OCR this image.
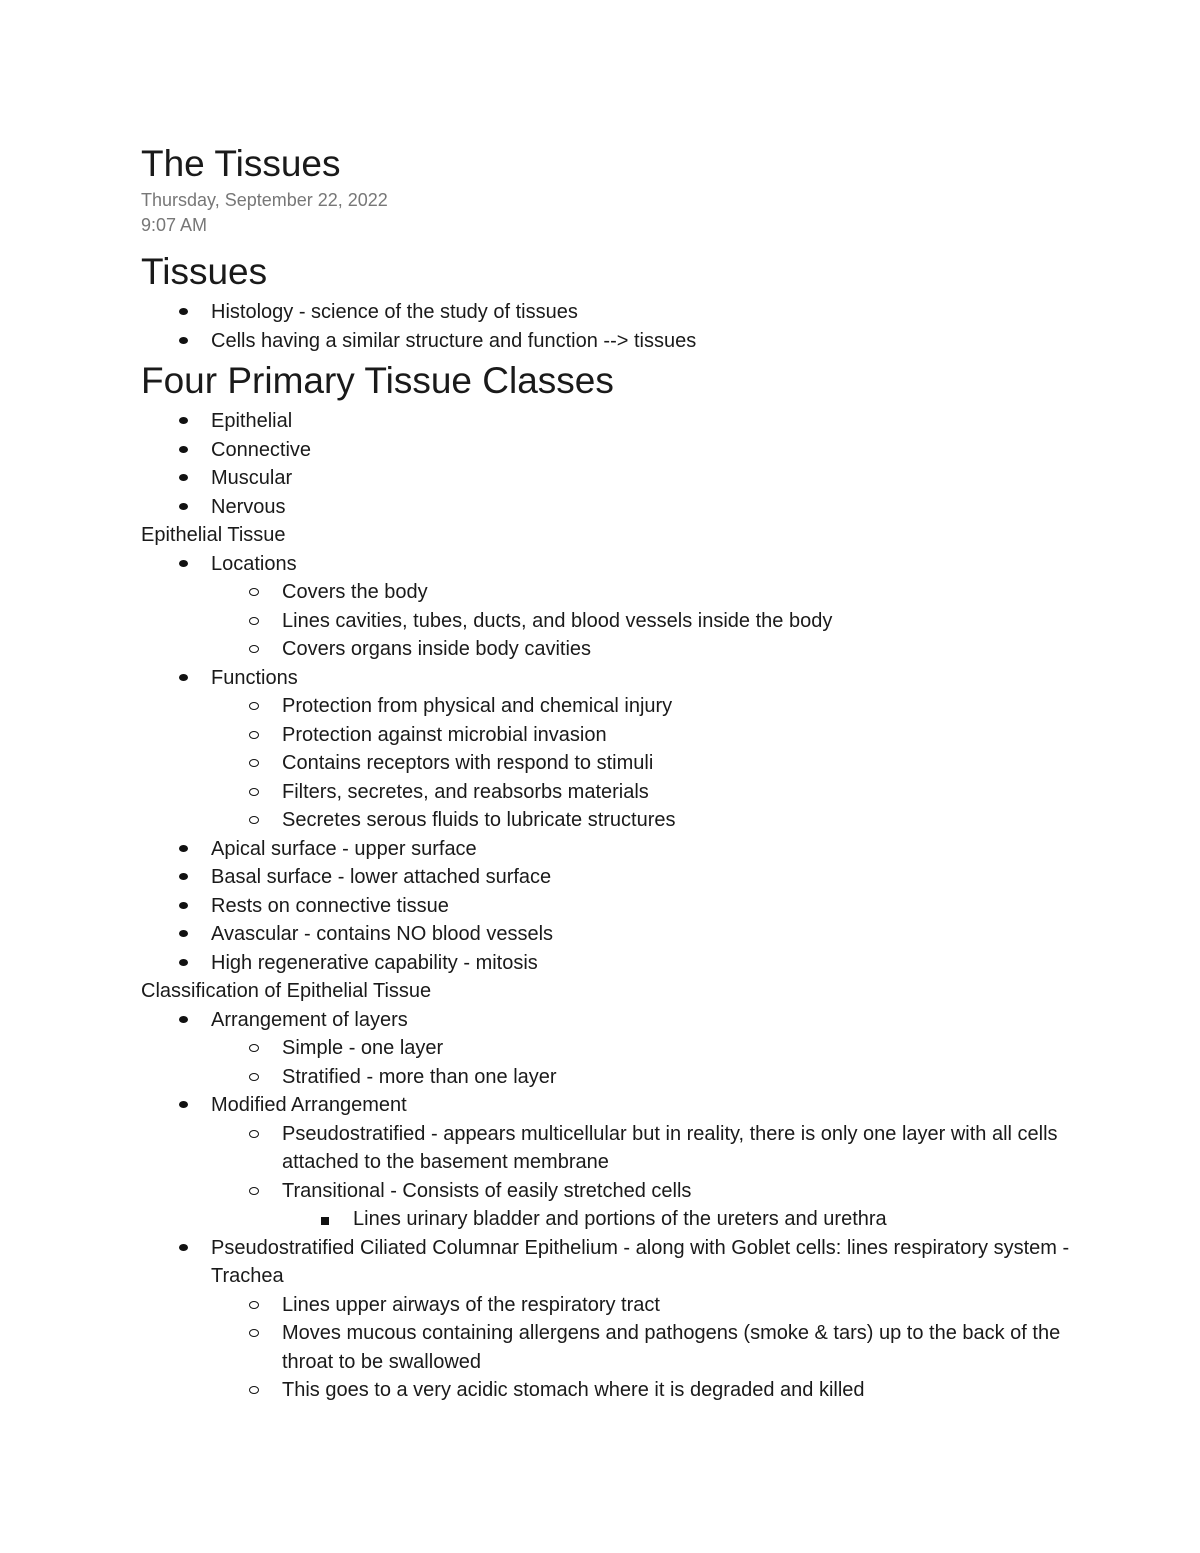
The Tissues
Thursday, September 22, 2022
9:07 AM
Tissues
Histology - science of the study of tissues
Cells having a similar structure and function --> tissues
Four Primary Tissue Classes
Epithelial
Connective
Muscular
Nervous
Epithelial Tissue
Locations
Covers the body
Lines cavities, tubes, ducts, and blood vessels inside the body
Covers organs inside body cavities
Functions
Protection from physical and chemical injury
Protection against microbial invasion
Contains receptors with respond to stimuli
Filters, secretes, and reabsorbs materials
Secretes serous fluids to lubricate structures
Apical surface - upper surface
Basal surface - lower attached surface
Rests on connective tissue
Avascular - contains NO blood vessels
High regenerative capability - mitosis
Classification of Epithelial Tissue
Arrangement of layers
Simple - one layer
Stratified - more than one layer
Modified Arrangement
Pseudostratified - appears multicellular but in reality, there is only one layer with all cells attached to the basement membrane
Transitional - Consists of easily stretched cells
Lines urinary bladder and portions of the ureters and urethra
Pseudostratified Ciliated Columnar Epithelium - along with Goblet cells: lines respiratory system - Trachea
Lines upper airways of the respiratory tract
Moves mucous containing allergens and pathogens (smoke & tars) up to the back of the throat to be swallowed
This goes to a very acidic stomach where it is degraded and killed
